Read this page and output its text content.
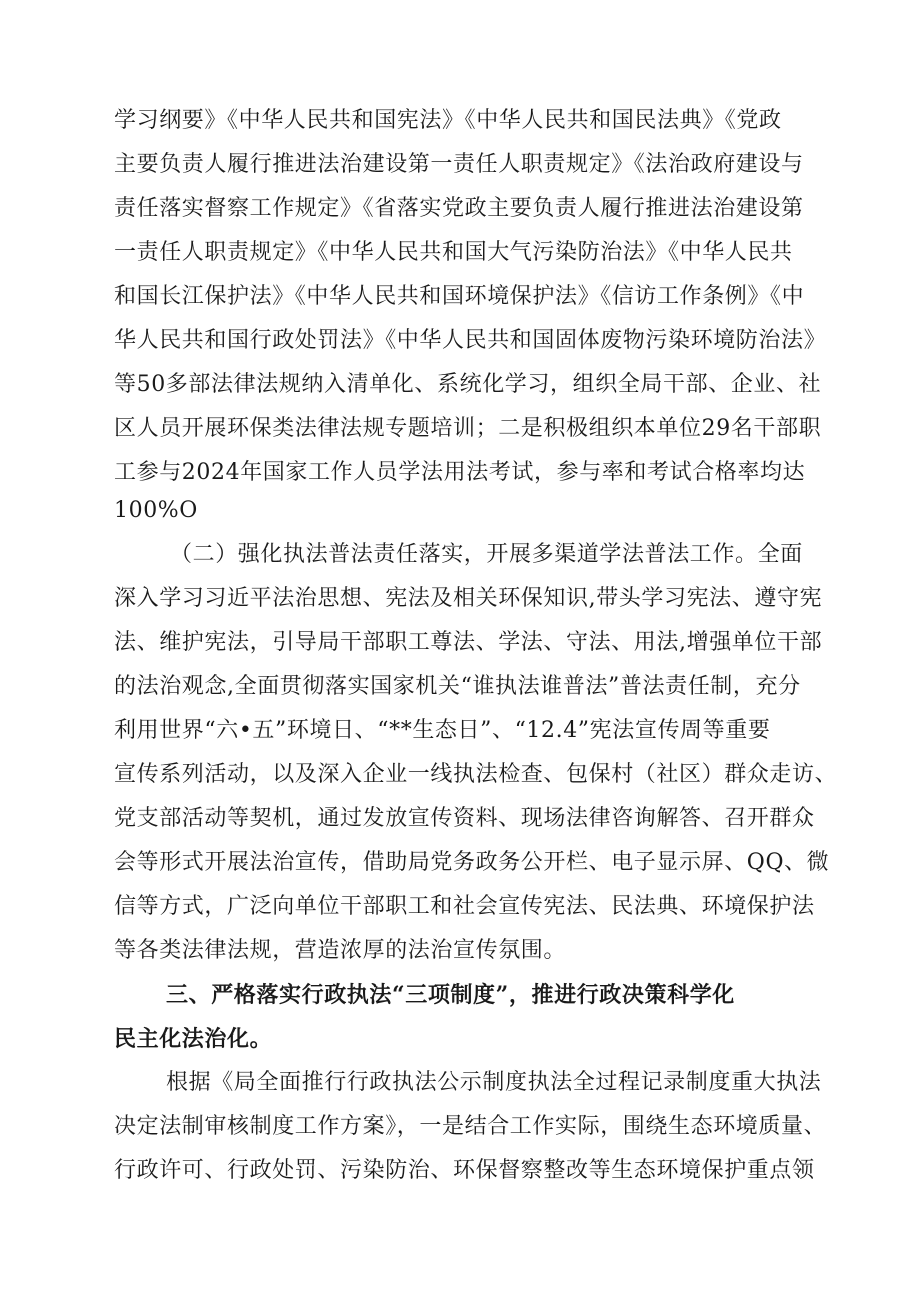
学习纲要》《中华人民共和国宪法》《中华人民共和国民法典》《党政
主要负责人履行推进法治建设第一责任人职责规定》《法治政府建设与
责任落实督察工作规定》《省落实党政主要负责人履行推进法治建设第
一责任人职责规定》《中华人民共和国大气污染防治法》《中华人民共
和国长江保护法》《中华人民共和国环境保护法》《信访工作条例》《中
华人民共和国行政处罚法》《中华人民共和国固体废物污染环境防治法》
等50多部法律法规纳入清单化、系统化学习，组织全局干部、企业、社
区人员开展环保类法律法规专题培训；二是积极组织本单位29名干部职
工参与2024年国家工作人员学法用法考试，参与率和考试合格率均达
100%O
（二）强化执法普法责任落实，开展多渠道学法普法工作。全面
深入学习习近平法治思想、宪法及相关环保知识,带头学习宪法、遵守宪
法、维护宪法，引导局干部职工尊法、学法、守法、用法,增强单位干部
的法治观念,全面贯彻落实国家机关“谁执法谁普法”普法责任制，充分
利用世界“六•五”环境日、“**生态日”、“12.4”宪法宣传周等重要
宣传系列活动，以及深入企业一线执法检查、包保村（社区）群众走访、
党支部活动等契机，通过发放宣传资料、现场法律咨询解答、召开群众
会等形式开展法治宣传，借助局党务政务公开栏、电子显示屏、QQ、微
信等方式，广泛向单位干部职工和社会宣传宪法、民法典、环境保护法
等各类法律法规，营造浓厚的法治宣传氛围。
三、严格落实行政执法“三项制度”，推进行政决策科学化
民主化法治化。
根据《局全面推行行政执法公示制度执法全过程记录制度重大执法
决定法制审核制度工作方案》，一是结合工作实际，围绕生态环境质量、
行政许可、行政处罚、污染防治、环保督察整改等生态环境保护重点领
